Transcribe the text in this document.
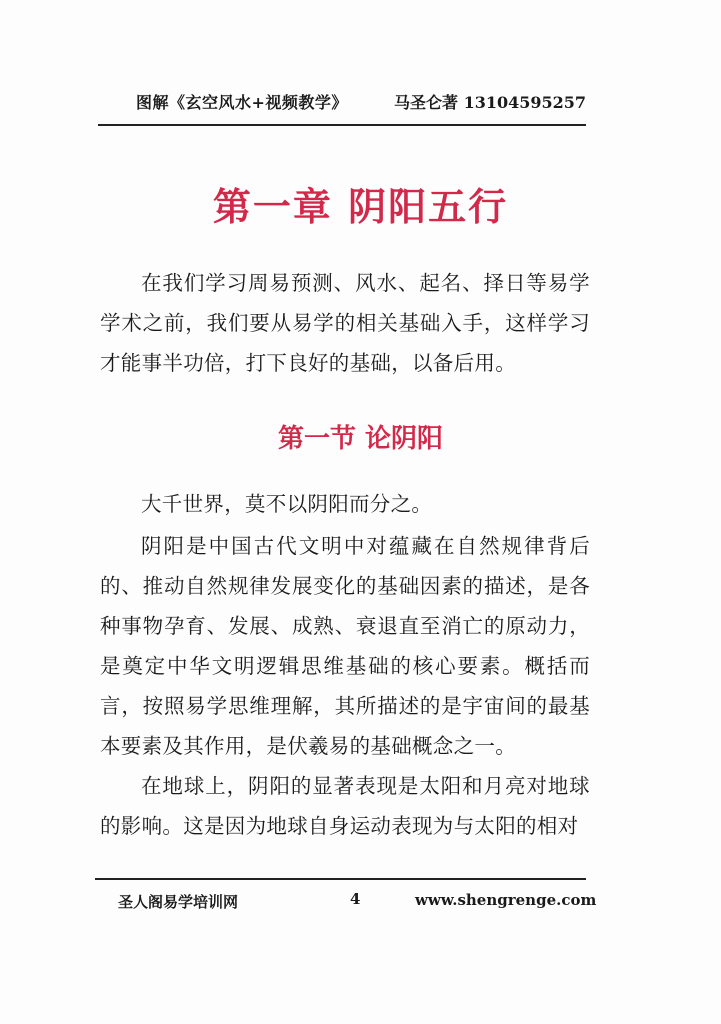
图解《玄空风水+视频教学》	马圣仑著 13104595257
第一章 阴阳五行

在我们学习周易预测、风水、起名、择日等易学学术之前，我们要从易学的相关基础入手，这样学习才能事半功倍，打下良好的基础，以备后用。

第一节 论阴阳

大千世界，莫不以阴阳而分之。

阴阳是中国古代文明中对蕴藏在自然规律背后的、推动自然规律发展变化的基础因素的描述，是各种事物孕育、发展、成熟、衰退直至消亡的原动力，是奠定中华文明逻辑思维基础的核心要素。概括而言，按照易学思维理解，其所描述的是宇宙间的最基本要素及其作用，是伏羲易的基础概念之一。

在地球上，阴阳的显著表现是太阳和月亮对地球的影响。这是因为地球自身运动表现为与太阳的相对

圣人阁易学培训网	4	www.shengrenge.com
